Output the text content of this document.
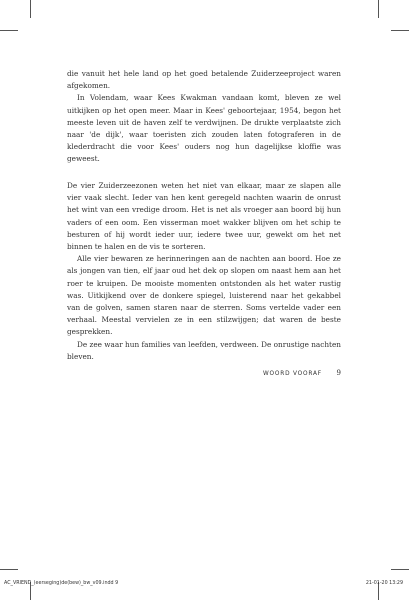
die vanuit het hele land op het goed betalende Zuiderzeeproject waren afgekomen.

In Volendam, waar Kees Kwakman vandaan komt, bleven ze wel uitkijken op het open meer. Maar in Kees' geboortejaar, 1954, begon het meeste leven uit de haven zelf te verdwijnen. De drukte verplaatste zich naar 'de dijk', waar toeristen zich zouden laten fotograferen in de klederdracht die voor Kees' ouders nog hun dagelijkse kloffie was geweest.

De vier Zuiderzeezonen weten het niet van elkaar, maar ze slapen alle vier vaak slecht. Ieder van hen kent geregeld nachten waarin de onrust het wint van een vredige droom. Het is net als vroeger aan boord bij hun vaders of een oom. Een visserman moet wakker blijven om het schip te besturen of hij wordt ieder uur, iedere twee uur, gewekt om het net binnen te halen en de vis te sorteren.

Alle vier bewaren ze herinneringen aan de nachten aan boord. Hoe ze als jongen van tien, elf jaar oud het dek op slopen om naast hem aan het roer te kruipen. De mooiste momenten ontstonden als het water rustig was. Uitkijkend over de donkere spiegel, luisterend naar het gekabbel van de golven, samen staren naar de sterren. Soms vertelde vader een verhaal. Meestal vervielen ze in een stilzwijgen; dat waren de beste gesprekken.

De zee waar hun families van leefden, verdween. De onrustige nachten bleven.

WOORD VOORAF 9
AC_VRIEND_(eerseging)de(bew)_bw_v09.indd 9	21-01-20 13:29
